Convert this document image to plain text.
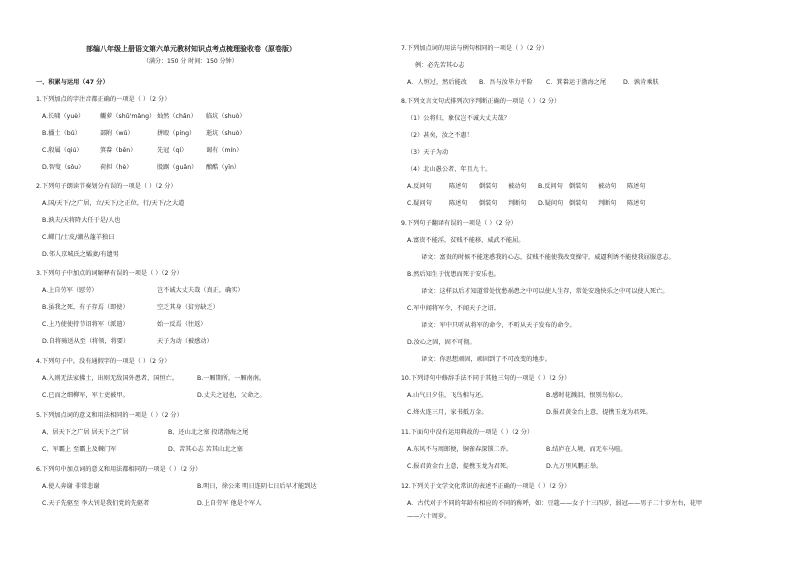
部编八年级上册语文第六单元教材知识点考点梳理验收卷（原卷版）
（满分：150 分 时间：150 分钟）
一、积累与运用（47 分）
1.下列加点的字注音都正确的一项是（ ）（2 分）
A.长啸（yuè）	觸萝（shǔ'mǎng） 灿然（chǎn） 临坑（shuò）
B.播土（bǔ）	部附（wǔ）	拼殴（píng） 逝坑（shuò）
C.殷属（qiú）	箕畚（běn）	先冠（qí）	谒有（mín）
D.智叟（sǒu）	荷担（hè）	股踞（guǎn） 酿酷（yīn）
2.下列句子朗读节奏划分有误的一项是（ ）（2 分）
A.国/天下/之广居，立/天下/之正位，行/天下/之大道
B.孰夫/天将降大任于是/人也
C.鳏门/士皮/潮丛蓬羊独曰
D.邻人京城氏之孀妻/有遗男
3.下列句子中加点的词解释有误的一项是（ ）（2 分）
A.上自劳军（慰劳）	岂不诚大丈夫哉（真正，确实）
B.虽我之死，有子存焉（即使）	空乏其身（贫穷缺乏）
C.上乃使使持节诏将军（派遣）	始一反焉（往返）
D.自将骑送从至（将领，将要）	天子为动（被感动）
4.下列句子中，没有通假字的一项是（ ）（2 分）
A.入则无法家拂士，出则无敌国外患者，国恒亡。	B.一厢期所，一厢南南。
C.已而之细柳军，军士吏被甲。	D.丈夫之冠也，父命之。
5.下列加点词的意义和用法相同的一项是（ ）（2 分）
A、居天下之广居 居天下之广居	B、还山北之塞 投诸渤海之尾
C、军霸上 至霸上及棘门军	D、苦其心志 苦其山北之塞
6.下列句中加点词的意义和用法都相同的一项是（ ）（2 分）
A.使人奔谢 非常悲谢	B.明日，徐公来 明日连阴七日后早才能到达
C.天子先驱至 李大钊是我们党的先驱者	D.上自劳军 他是个军人
7.下列加点词的用法与例句相同的一项是（ ）（2 分）
例：必先苦其心志
A．人恒过，然后能改 B．吾与汝毕力平险 C．箕畚运于渤海之尾	D．孰肯乘肤
8.下列文言文句式排列次序判断正确的一项是（ ）（2 分）
（1）公将归，象仪岂不诚大丈夫哉？
（2）甚矣，汝之不惠！
（3）天子为动
（4）北山愚公者，年且九十。
A.反问句	陈述句 倒装句 被动句 B.反问句 倒装句 被动句 陈述句
C.疑问句	陈述句 倒装句 判断句 D.疑问句 倒装句 判断句 陈述句
9.下列句子翻译有误的一项是（ ）（2 分）
A.富贵不能淫，贫贱不能移，威武不能屈。
译文：富贵的时候不能迷惑我的心志，贫贱不能使我改变操守，威逼利诱不能使我屈服意志。
B.然后知生于忧患而死于安乐也。
译文：这样以后才知道常处忧愁祸患之中可以使人生存，常处安逸快乐之中可以使人死亡。
C.军中闻将军令，不闻天子之诏。
译文：军中只听从将军的命令，不听从天子发布的命令。
D.汝心之固，固不可彻。
译文：你思想顽固，顽固到了不可改变的地步。
10.下列诗句中修辞手法不同于其他三句的一项是（ ）（2 分）
A.山气日夕佳，飞鸟相与还。	B.感时花溅泪，恨别鸟惊心。
C.烽火连三月，家书抵万金。	D.报君黄金台上意，提携玉龙为君死。
11.下面句中没有运用典故的一项是（ ）（2 分）
A.东风不与周郎便，铜雀春深锁二乔。	B.结庐在人境，而无车马喧。
C.报君黄金台上意，提携玉龙为君死。	D.九万里风鹏正举。
12.下列关于文学文化常识的表述不正确的一项是（ ）（2 分）
A．古代对于不同的年龄有相应的不同的称呼，如：豆蔻——女子十三四岁，弱冠——男子二十岁左右，花甲
——六十周岁。
